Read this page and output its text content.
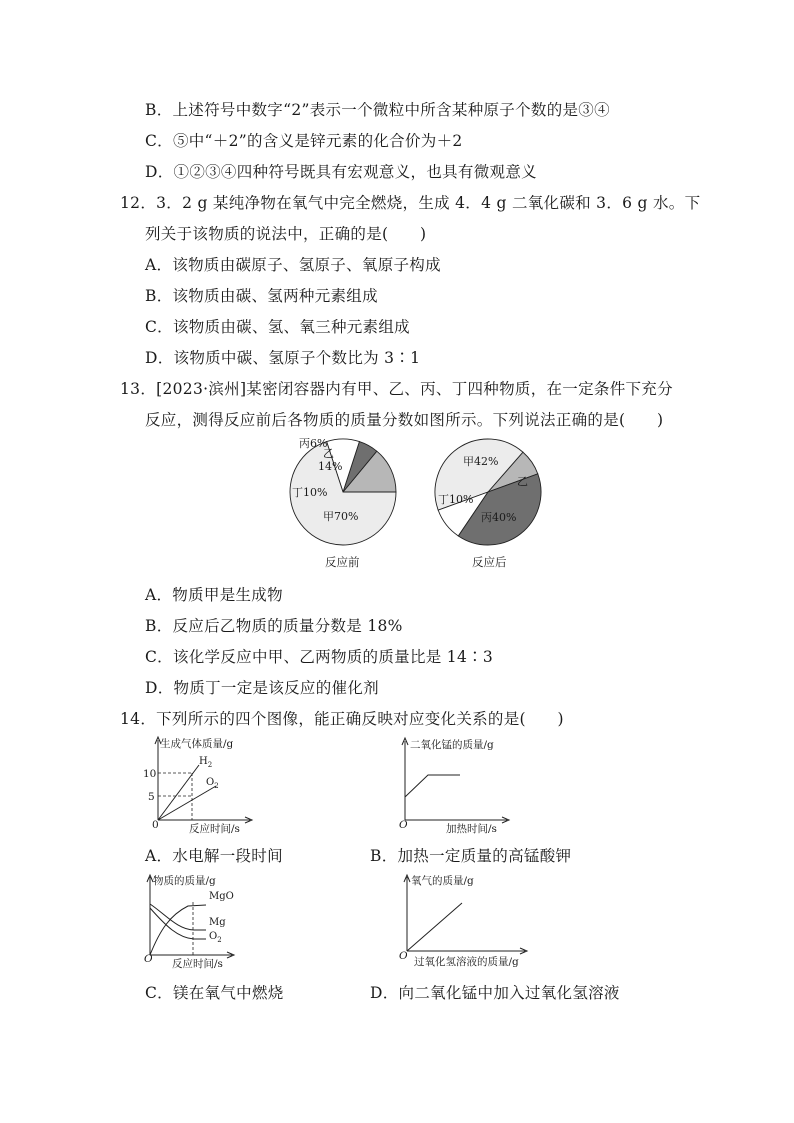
B．上述符号中数字“2”表示一个微粒中所含某种原子个数的是③④
C．⑤中“＋2”的含义是锌元素的化合价为＋2
D．①②③④四种符号既具有宏观意义，也具有微观意义
12．3．2 g 某纯净物在氧气中完全燃烧，生成 4．4 g 二氧化碳和 3．6 g 水。下
列关于该物质的说法中，正确的是(　　)
A．该物质由碳原子、氢原子、氧原子构成
B．该物质由碳、氢两种元素组成
C．该物质由碳、氢、氧三种元素组成
D．该物质中碳、氢原子个数比为 3∶1
13．[2023·滨州]某密闭容器内有甲、乙、丙、丁四种物质，在一定条件下充分
反应，测得反应前后各物质的质量分数如图所示。下列说法正确的是(　　)
丙6%
乙
14%
丁10%
甲70%
反应前
甲42%
乙
丁10%
丙40%
反应后
A．物质甲是生成物
B．反应后乙物质的质量分数是 18%
C．该化学反应中甲、乙两物质的质量比是 14∶3
D．物质丁一定是该反应的催化剂
14．下列所示的四个图像，能正确反映对应变化关系的是(　　)
生成气体质量/g
10
5
0
$H_2$
$O_2$
反应时间/s
二氧化锰的质量/g
O	加热时间/s
A．水电解一段时间	B．加热一定质量的高锰酸钾
物质的质量/g
MgO
Mg
$O_2$
O 反应时间/s
氧气的质量/g
O 过氧化氢溶液的质量/g
C．镁在氧气中燃烧	D．向二氧化锰中加入过氧化氢溶液
